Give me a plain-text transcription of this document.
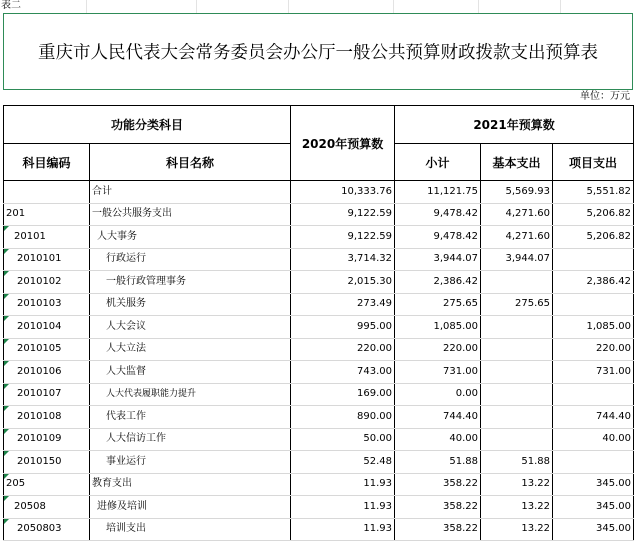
表二
重庆市人民代表大会常务委员会办公厅一般公共预算财政拨款支出预算表
单位：万元
功能分类科目		2020年预算数	2021年预算数		
科目编码	科目名称		小计	基本支出	项目支出
	合计	10,333.76	11,121.75	5,569.93	5,551.82
201	一般公共服务支出	9,122.59	9,478.42	4,271.60	5,206.82

20101	人大事务	9,122.59	9,478.42	4,271.60	5,206.82

2010101	行政运行	3,714.32	3,944.07	3,944.07	

2010102	一般行政管理事务	2,015.30	2,386.42		2,386.42

2010103	机关服务	273.49	275.65	275.65	

2010104	人大会议	995.00	1,085.00		1,085.00

2010105	人大立法	220.00	220.00		220.00

2010106	人大监督	743.00	731.00		731.00

2010107	人大代表履职能力提升	169.00	0.00		

2010108	代表工作	890.00	744.40		744.40

2010109	人大信访工作	50.00	40.00		40.00

2010150	事业运行	52.48	51.88	51.88	

205	教育支出	11.93	358.22	13.22	345.00

20508	进修及培训	11.93	358.22	13.22	345.00

2050803	培训支出	11.93	358.22	13.22	345.00
